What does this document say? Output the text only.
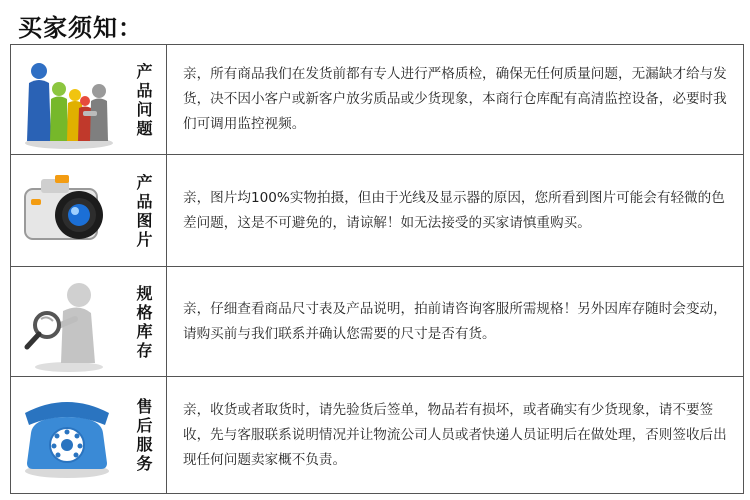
买家须知：
产品问题
亲，所有商品我们在发货前都有专人进行严格质检，确保无任何质量问题，无漏缺才给与发货，决不因小客户或新客户放劣质品或少货现象，本商行仓库配有高清监控设备，必要时我们可调用监控视频。
产品图片
亲，图片均100%实物拍摄，但由于光线及显示器的原因，您所看到图片可能会有轻微的色差问题，这是不可避免的，请谅解！如无法接受的买家请慎重购买。
规格库存
亲，仔细查看商品尺寸表及产品说明，拍前请咨询客服所需规格！另外因库存随时会变动，请购买前与我们联系并确认您需要的尺寸是否有货。
售后服务
亲，收货或者取货时，请先验货后签单，物品若有损坏，或者确实有少货现象，请不要签收，先与客服联系说明情况并让物流公司人员或者快递人员证明后在做处理，否则签收后出现任何问题卖家概不负责。
